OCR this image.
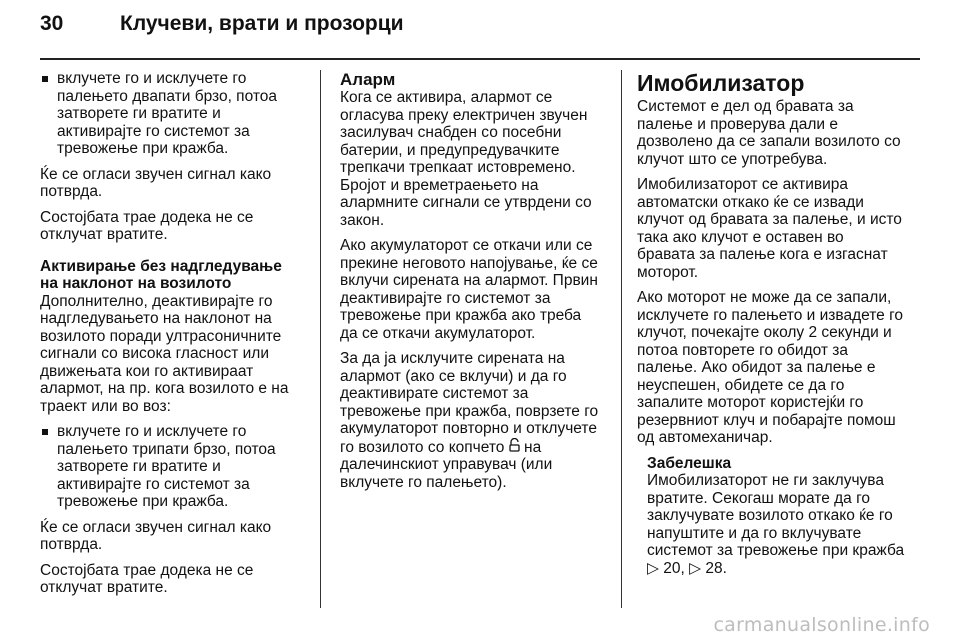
30	Клучеви, врати и прозорци
вклучете го и исклучете го палењето двапати брзо, потоа затворете ги вратите и активирајте го системот за тревожење при кражба.

Ќе се огласи звучен сигнал како потврда.

Состојбата трае додека не се отклучат вратите.

Активирање без надгледување на наклонот на возилото

Дополнително, деактивирајте го надгледувањето на наклонот на возилото поради ултрасоничните сигнали со висока гласност или движењата кои го активираат алармот, на пр. кога возилото е на траект или во воз:

вклучете го и исклучете го палењето трипати брзо, потоа затворете ги вратите и активирајте го системот за тревожење при кражба.

Ќе се огласи звучен сигнал како потврда.

Состојбата трае додека не се отклучат вратите.

Аларм

Кога се активира, алармот се огласува преку електричен звучен засилувач снабден со посебни батерии, и предупредувачките трепкачи трепкаат истовремено. Бројот и времетраењето на алармните сигнали се утврдени со закон.

Ако акумулаторот се откачи или се прекине неговото напојување, ќе се вклучи сирената на алармот. Првин деактивирајте го системот за тревожење при кражба ако треба да се откачи акумулаторот.

За да ја исклучите сирената на алармот (ако се вклучи) и да го деактивирате системот за тревожење при кражба, поврзете го акумулаторот повторно и отклучете го возилото со копчето на далечинскиот управувач (или вклучете го палењето).

Имобилизатор

Системот е дел од бравата за палење и проверува дали е дозволено да се запали возилото со клучот што се употребува.

Имобилизаторот се активира автоматски откако ќе се извади клучот од бравата за палење, и исто така ако клучот е оставен во бравата за палење кога е изгаснат моторот.

Ако моторот не може да се запали, исклучете го палењето и извадете го клучот, почекајте околу 2 секунди и потоа повторете го обидот за палење. Ако обидот за палење е неуспешен, обидете се да го запалите моторот користејќи го резервниот клуч и побарајте помош од автомеханичар.

Забелешка

Имобилизаторот не ги заклучува вратите. Секогаш морате да го заклучувате возилото откако ќе го напуштите и да го вклучувате системот за тревожење при кражба ▷ 20, ▷ 28.

carmanualsonline.info
